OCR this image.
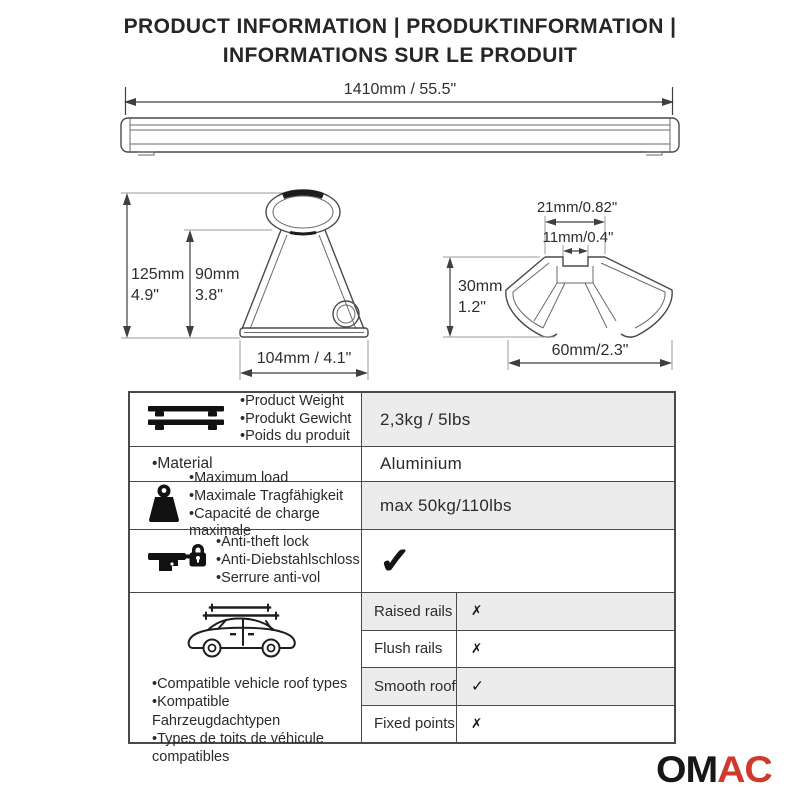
PRODUCT INFORMATION | PRODUKTINFORMATION |
INFORMATIONS SUR LE PRODUIT
1410mm / 55.5"
125mm
4.9"
90mm
3.8"
104mm / 4.1"
21mm/0.82"
11mm/0.4"
30mm
1.2"
60mm/2.3"
•Product Weight
•Produkt Gewicht
•Poids du produit
2,3kg / 5lbs
•Material	Aluminium
•Maximum load
•Maximale Tragfähigkeit
•Capacité de charge maximale
max 50kg/110lbs
•Anti-theft lock
•Anti-Diebstahlschloss
•Serrure anti-vol	✓
•Compatible vehicle roof types
•Kompatible Fahrzeugdachtypen
•Types de toits de véhicule
compatibles
Raised rails	✗
Flush rails	✗
Smooth roof ✓
Fixed points ✗
OMAC
